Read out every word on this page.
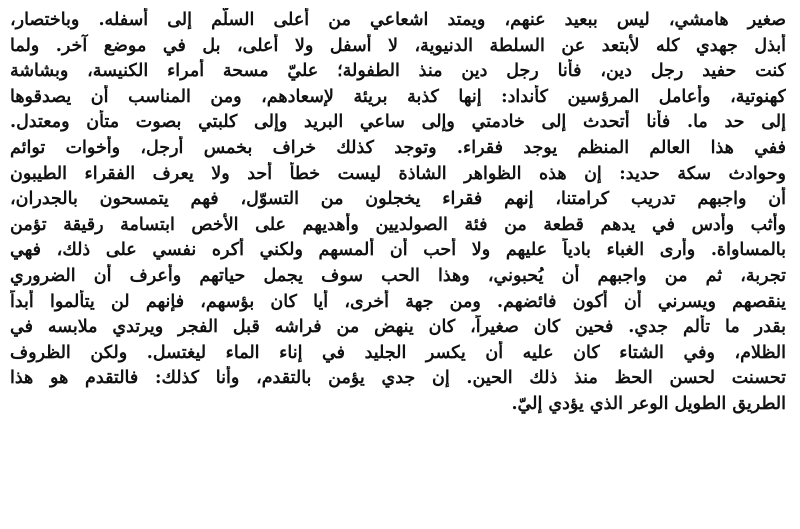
صغير هامشي، ليس ببعيد عنهم، ويمتد اشعاعي من أعلى السلّم إلى أسفله. وباختصار،
أبذل جهدي كله لأبتعد عن السلطة الدنيوية، لا أسفل ولا أعلى، بل في موضع آخر. ولما
كنت حفيد رجل دين، فأنا رجل دين منذ الطفولة؛ عليّ مسحة أمراء الكنيسة، وبشاشة
كهنوتية، وأعامل المرؤسين كأنداد: إنها كذبة بريئة لإسعادهم، ومن المناسب أن يصدقوها
إلى حد ما. فأنا أتحدث إلى خادمتي وإلى ساعي البريد وإلى كلبتي بصوت متأن ومعتدل.
ففي هذا العالم المنظم يوجد فقراء. وتوجد كذلك خراف بخمس أرجل، وأخوات توائم
وحوادث سكة حديد: إن هذه الظواهر الشاذة ليست خطأ أحد ولا يعرف الفقراء الطيبون
أن واجبهم تدريب كرامتنا، إنهم فقراء يخجلون من التسوّل، فهم يتمسحون بالجدران،
وأثب وأدس في يدهم قطعة من فئة الصولديين وأهديهم على الأخص ابتسامة رقيقة تؤمن
بالمساواة. وأرى الغباء بادياً عليهم ولا أحب أن ألمسهم ولكني أكره نفسي على ذلك، فهي
تجربة، ثم من واجبهم أن يُحبوني، وهذا الحب سوف يجمل حياتهم وأعرف أن الضروري
ينقصهم ويسرني أن أكون فائضهم. ومن جهة أخرى، أيا كان بؤسهم، فإنهم لن يتألموا أبداً
بقدر ما تألم جدي. فحين كان صغيراً، كان ينهض من فراشه قبل الفجر ويرتدي ملابسه في
الظلام، وفي الشتاء كان عليه أن يكسر الجليد في إناء الماء ليغتسل. ولكن الظروف
تحسنت لحسن الحظ منذ ذلك الحين. إن جدي يؤمن بالتقدم، وأنا كذلك: فالتقدم هو هذا
الطريق الطويل الوعر الذي يؤدي إليّ.
